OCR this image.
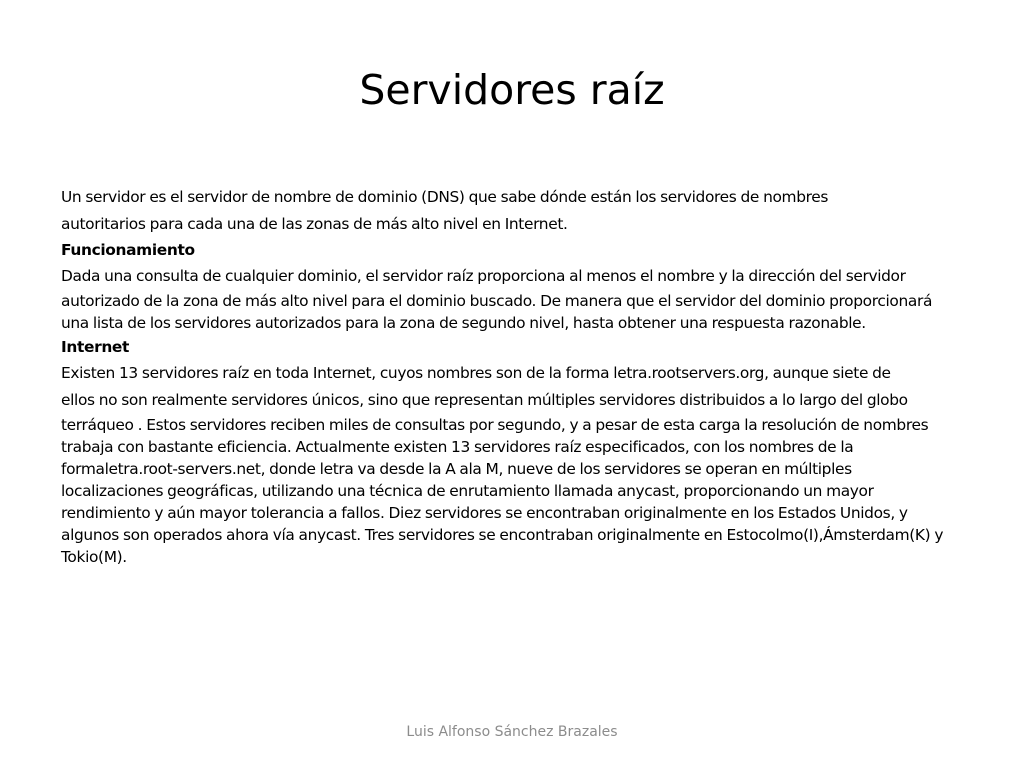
Servidores raíz

Un servidor es el servidor de nombre de dominio (DNS) que sabe dónde están los servidores de nombres
autoritarios para cada una de las zonas de más alto nivel en Internet.

Funcionamiento

Dada una consulta de cualquier dominio, el servidor raíz proporciona al menos el nombre y la dirección del servidor
autorizado de la zona de más alto nivel para el dominio buscado. De manera que el servidor del dominio proporcionará
una lista de los servidores autorizados para la zona de segundo nivel, hasta obtener una respuesta razonable.

Internet

Existen 13 servidores raíz en toda Internet, cuyos nombres son de la forma letra.rootservers.org, aunque siete de
ellos no son realmente servidores únicos, sino que representan múltiples servidores distribuidos a lo largo del globo
terráqueo . Estos servidores reciben miles de consultas por segundo, y a pesar de esta carga la resolución de nombres
trabaja con bastante eficiencia. Actualmente existen 13 servidores raíz especificados, con los nombres de la
formaletra.root-servers.net, donde letra va desde la A ala M, nueve de los servidores se operan en múltiples
localizaciones geográficas, utilizando una técnica de enrutamiento llamada anycast, proporcionando un mayor
rendimiento y aún mayor tolerancia a fallos. Diez servidores se encontraban originalmente en los Estados Unidos, y
algunos son operados ahora vía anycast. Tres servidores se encontraban originalmente en Estocolmo(I),Ámsterdam(K) y
Tokio(M).

Luis Alfonso Sánchez Brazales
